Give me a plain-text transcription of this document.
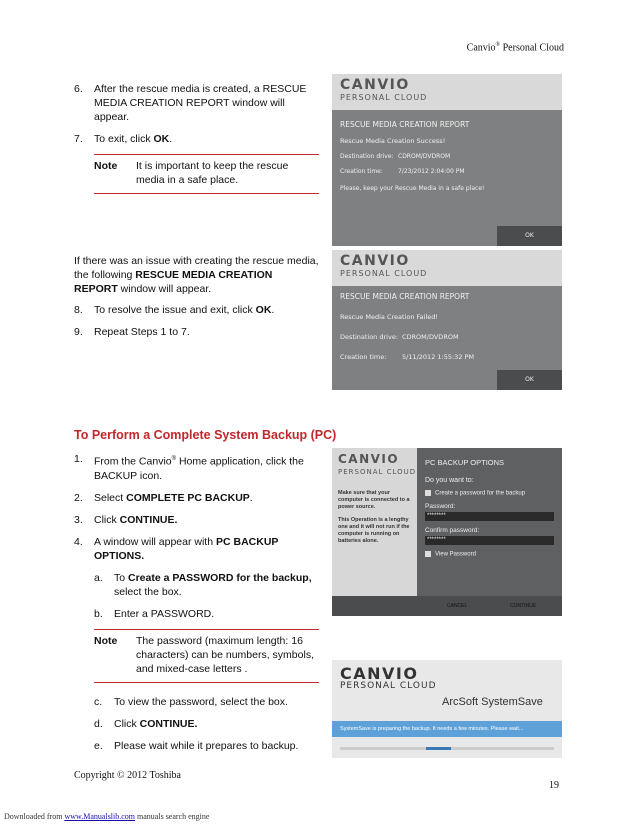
Canvio® Personal Cloud
6.	After the rescue media is created, a RESCUE MEDIA CREATION REPORT window will appear.
7.	To exit, click OK.
Note	It is important to keep the rescue media in a safe place.
CANVIO
PERSONAL CLOUD
RESCUE MEDIA CREATION REPORT
Rescue Media Creation Success!
Destination drive: CDROM/DVDROM
Creation time:	7/23/2012 2:04:00 PM
Please, keep your Rescue Media in a safe place!
OK
If there was an issue with creating the rescue media, the following RESCUE MEDIA CREATION REPORT window will appear.
8.	To resolve the issue and exit, click OK.
9.	Repeat Steps 1 to 7.
CANVIO
PERSONAL CLOUD
RESCUE MEDIA CREATION REPORT
Rescue Media Creation Failed!
Destination drive: CDROM/DVDROM
Creation time: 5/11/2012 1:55:32 PM
OK
To Perform a Complete System Backup (PC)
1.	From the Canvio® Home application, click the BACKUP icon.
2.	Select COMPLETE PC BACKUP.
3.	Click CONTINUE.
4.	A window will appear with PC BACKUP OPTIONS.
a.	To Create a PASSWORD for the backup, select the box.
b.	Enter a PASSWORD.
Note	The password (maximum length: 16 characters) can be numbers, symbols, and mixed-case letters .
c.	To view the password, select the box.
d.	Click CONTINUE.
e.	Please wait while it prepares to backup.
CANVIO
PERSONAL CLOUD
Make sure that your computer is connected to a power source.
This Operation is a lengthy one and it will not run if the computer is running on batteries alone.
PC BACKUP OPTIONS
Do you want to:
Create a password for the backup
Password:
********
Confirm password:
********
View Password
CANCEL	CONTINUE
CANVIO
PERSONAL CLOUD
ArcSoft SystemSave
SystemSave is preparing the backup. It needs a few minutes. Please wait...
Copyright © 2012 Toshiba
19
Downloaded from www.Manualslib.com manuals search engine
